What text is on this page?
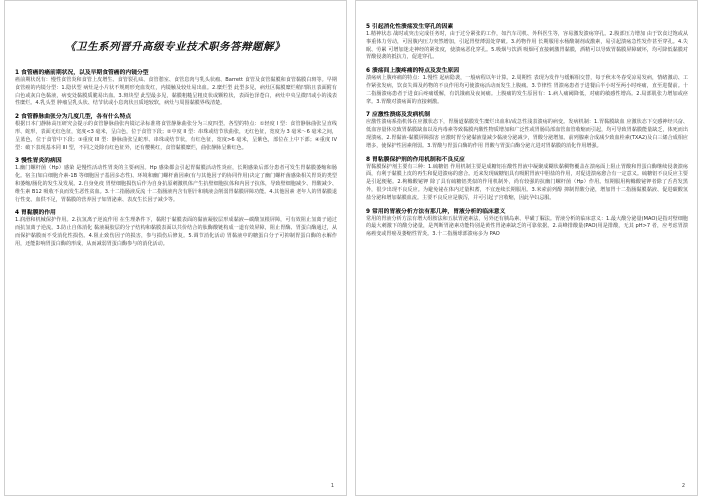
《卫生系列晋升高级专业技术职务答辩题解》
1 食管癌的癌前期状况，以及早期食管癌的内镜分型

癌前期状况有：慢性食管炎和食管上皮增生、食管裂孔疝、食管憩室、食管息肉与乳头状瘤、Barrett 食管及食管黏膜和食管黏膜白斑等。早期食管癌的内镜分型：1.隐伏型 病灶是小片状不规则形充血发红，内镜触及较灶易出血。2.糜烂型 此型多见，病灶区黏膜糜烂稍凹陷且表面附有白色或灰白色黏液，病变处黏膜质脆易出血。3.斑块型 此型最多见，黏膜粗糙呈粗皮状或颗粒状，表面色泽苍白，病灶中央呈微凹或小的浅表性糜烂。4.乳头型 肿瘤呈乳头状、结节状或小息肉状且质地较软，病灶与周围黏膜界线清楚。

2 食管静脉曲张分为几度几型，各有什么特点

根据日本门静脉高压研究会提示的食管静脉曲张内镜记录标准将食管静脉曲张分为三度四型。各型的特点：①轻度 I 型：食管静脉曲张呈直线形、蛇形，表面无红色征，宽度<3 毫米，呈白色，位于食管下段；②中度 II 型：串珠或结节状曲张，无红色征，宽度为 3 毫米～6 毫米之间，呈蓝色，位于食管中下段；③重度 III 型：静脉曲张呈蛇形、串珠或结节状，有红色征，宽度>6 毫米，呈紫色，部位在上中下部；④重度 IV 型：破下表现基本同 III 型，不同之处除有红色征外，还有樱桃红，食管黏膜糜烂，曲张静脉呈紫红色。

3 慢性胃炎的病因

1.幽门螺杆菌（Hp）感染 是慢性活动性胃炎的主要病因。Hp 感染都会引起胃黏膜活动性炎症，长期感染后部分患者可发生胃黏膜萎缩和肠化。宿主(如白细胞介素-1B 等细胞因子基因多态性)、环境和幽门螺杆菌因素(有与其他因子的协同作用)决定了幽门螺杆菌感染相关胃炎的类型和萎缩/肠化的发生及发展。2.自身免疫 胃壁细胞损伤后作为自身抗原刺激机体产生抗壁细胞抗体和内因子抗体，导致壁细胞减少、胃酸减少、维生素 B12 吸收不良而发生恶性贫血。3.十二指肠液反流 十二指肠液内含有胆汁和胰液会削弱胃黏膜屏障功能。4.其他因素 老年人的胃黏膜退行性变、血供不足，胃黏膜的营养因子如胃泌素、表皮生长因子减少等。

4 胃黏膜的作用

1.润滑和机械保护作用。2.抗氢离子逆流作用 在生理条件下，黏附于黏膜表面的黏液凝胶层形成黏液—碳酸氢根屏障，可有效阻止氢离子通过而抗氢离子逆流。3.防止自体消化 黏液凝胶层的分子结构和黏膜表面以共价结合的肽酶酸链构成一道有效屏障，阻止胃酶、胃蛋白酶通过，从而保护黏膜而不受消化性损伤。4.阻止致伤因子的损害，参与损伤后修复。5.调节消化活动 胃黏液中的糖蛋白分子可抑制胃蛋白酶的水解作用，还能影响胃蛋白酶的形成，从而减弱胃蛋白酶参与的消化活动。

1
5 引起消化性溃疡发生穿孔的因素

1.精神状态 战时或突击完成任务时，由于过分紧张的工作，如汽车司机、外科医生等，容易激发溃疡穿孔。2.腹部压力增加 由于饮食过饱或从事重体力劳动，可因腹内压力突然增加，引起胃壁薄弱处穿破。3.药物作用 长期服用水杨酸制剂或激素，易引起溃疡急性发作甚至穿孔。4.失眠、劳累 可增加迷走神经的紧张度，使溃疡恶化穿孔。5.吸烟与饮酒 吸烟可直接刺激胃黏膜，酒精可以导致胃黏膜屏障破坏，均可降低黏膜对胃酸侵袭的抵抗力，促进穿孔。

6 溃疡间上腹疼痛的特点及发生原因

溃疡病上腹疼痛的特点：1.慢性 起病隐袭，一般病程以年计算。2.周期性 表现为发作与缓解相交替，每于秋末冬春受凉易发病，情绪激动、工作紧张发病，饮食失调及药物的不良作用均可使溃疡活动而发生上腹痛。3.节律性 胃溃疡患者于进餐后半小时至两小时疼痛，直至进餐前。十二指肠溃疡患者于进食后疼痛缓解，有饥饿痛及夜间痛。上腹痛的发生原因有：1.病人痛阈降低，对痛的敏感性增高。2.局部肌张力增加或痉挛。3.胃酸对溃疡面的直接刺激。

7 应激性溃疡及发病机制

应激性溃疡系指机体在应激状态下，胃肠道黏膜发生糜烂出血和/或急性浅表溃疡的病变。发病机制：1.胃黏膜缺血 应激状态下交感神经兴奋、低血容量休克致胃黏膜缺血以及内毒素等致黏膜内酸性物质增加和广泛性或胃肠局部血管血管收缩而引起，均可导致胃黏膜能量缺乏，体死而出现溃疡。2.胃黏液-黏膜屏障损害 应激时胃分泌黏液量减少黏液分泌减少，胃酸分泌增加。前列腺素合成减少致血栓素(TXA2)及白三烯合成相应增多，使保护性因素削弱。3.胃酸与胃蛋白酶的作用 胃酸与胃蛋白酶分泌亢进对胃黏膜的消化作用增强。

8 胃粘膜保护剂的作用机制和不良反应

胃黏膜保护剂主要有三种：1.硫糖铝 作用机制主要是成糖铝在酸性胃液中凝聚成糊状黏稠物覆盖在溃疡面上阻止胃酸和胃蛋白酶继续侵袭溃疡面，有利于黏膜上皮的再生和促进溃疡的愈合。近来发现硫糖铝具有吸附胃液中胆盐的作用，对促进溃疡愈合有一定意义。硫糖铝不良反应主要是引起便秘。2.枸橼酸铋钾 除了具有硫糖铝类似的作用机制外，尚有较强的抗幽门螺杆菌（Hp）作用。短期服用枸橼酸铋钾者除了舌苔发黑外，很少出现不良反应。为避免铋在体内过量积蓄，不宜连续长期服用。3.米索前列醇 抑制胃酸分泌，增加胃十二指肠黏膜黏液、促进碳酸氢盐分泌和增加黏膜血流。主要不良反应是腹泻，并可引起子宫收缩，因此孕妇忌服。

9 常用的胃液分析方法有那几种，胃液分析的临床意义

常用的胃液分析方法有增大组胺法和五肽胃泌素法，另外还有胰岛素、甲磺丁脲法。胃液分析的临床意义：1.最大酸分泌量(MAO)是指对壁细胞的最大刺激下的酸分泌量，是判断胃泌素功能特别是黄性胃泌素缺乏的可靠依据。2.高峰排酸量(PAO)用是排酸，无其 pH>7 者，应考虑胃溃疡癌变或胃癌及萎缩性胃炎。3.十二指肠球部溃疡多为 PAO

2
